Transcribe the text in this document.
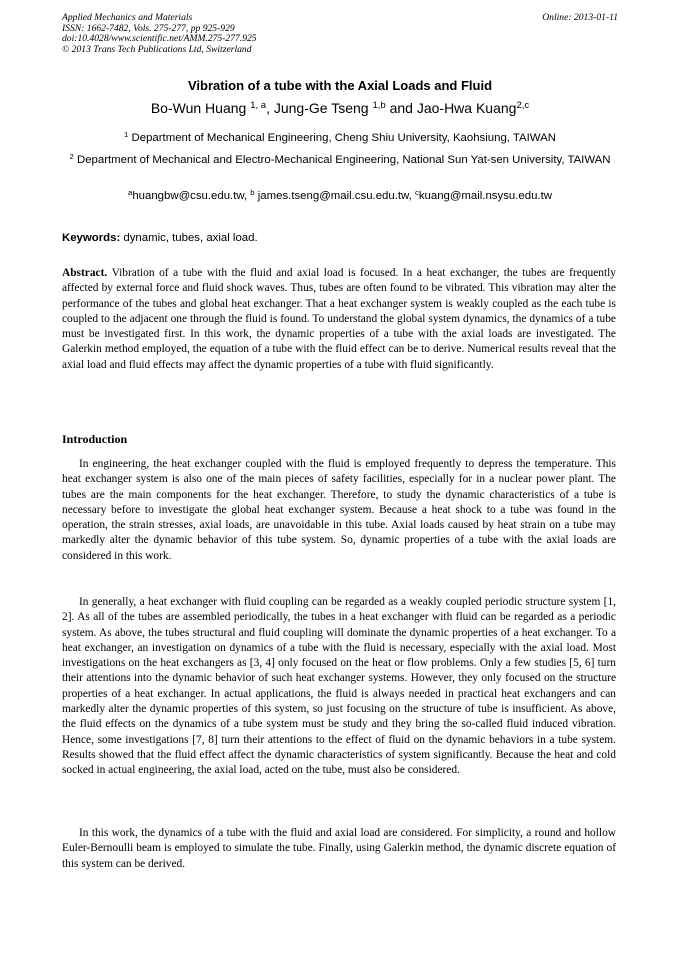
Applied Mechanics and Materials
ISSN: 1662-7482, Vols. 275-277, pp 925-929
doi:10.4028/www.scientific.net/AMM.275-277.925
© 2013 Trans Tech Publications Ltd, Switzerland
Online: 2013-01-11
Vibration of a tube with the Axial Loads and Fluid
Bo-Wun Huang $^{1, a}$, Jung-Ge Tseng $^{1,b}$ and Jao-Hwa Kuang$^{2,c}$
$^1$ Department of Mechanical Engineering, Cheng Shiu University, Kaohsiung, TAIWAN
$^2$ Department of Mechanical and Electro-Mechanical Engineering, National Sun Yat-sen University, TAIWAN
$^a$huangbw@csu.edu.tw, $^b$ james.tseng@mail.csu.edu.tw, $^c$kuang@mail.nsysu.edu.tw
Keywords: dynamic, tubes, axial load.

Abstract. Vibration of a tube with the fluid and axial load is focused. In a heat exchanger, the tubes are frequently affected by external force and fluid shock waves. Thus, tubes are often found to be vibrated. This vibration may alter the performance of the tubes and global heat exchanger. That a heat exchanger system is weakly coupled as the each tube is coupled to the adjacent one through the fluid is found. To understand the global system dynamics, the dynamics of a tube must be investigated first. In this work, the dynamic properties of a tube with the axial loads are investigated. The Galerkin method employed, the equation of a tube with the fluid effect can be to derive. Numerical results reveal that the axial load and fluid effects may affect the dynamic properties of a tube with fluid significantly.

Introduction

In engineering, the heat exchanger coupled with the fluid is employed frequently to depress the temperature. This heat exchanger system is also one of the main pieces of safety facilities, especially for in a nuclear power plant. The tubes are the main components for the heat exchanger. Therefore, to study the dynamic characteristics of a tube is necessary before to investigate the global heat exchanger system. Because a heat shock to a tube was found in the operation, the strain stresses, axial loads, are unavoidable in this tube. Axial loads caused by heat strain on a tube may markedly alter the dynamic behavior of this tube system. So, dynamic properties of a tube with the axial loads are considered in this work.

In generally, a heat exchanger with fluid coupling can be regarded as a weakly coupled periodic structure system [1, 2]. As all of the tubes are assembled periodically, the tubes in a heat exchanger with fluid can be regarded as a periodic system. As above, the tubes structural and fluid coupling will dominate the dynamic properties of a heat exchanger. To a heat exchanger, an investigation on dynamics of a tube with the fluid is necessary, especially with the axial load. Most investigations on the heat exchangers as [3, 4] only focused on the heat or flow problems. Only a few studies [5, 6] turn their attentions into the dynamic behavior of such heat exchanger systems. However, they only focused on the structure properties of a heat exchanger. In actual applications, the fluid is always needed in practical heat exchangers and can markedly alter the dynamic properties of this system, so just focusing on the structure of tube is insufficient. As above, the fluid effects on the dynamics of a tube system must be study and they bring the so-called fluid induced vibration. Hence, some investigations [7, 8] turn their attentions to the effect of fluid on the dynamic behaviors in a tube system. Results showed that the fluid effect affect the dynamic characteristics of system significantly. Because the heat and cold socked in actual engineering, the axial load, acted on the tube, must also be considered.

In this work, the dynamics of a tube with the fluid and axial load are considered. For simplicity, a round and hollow Euler-Bernoulli beam is employed to simulate the tube. Finally, using Galerkin method, the dynamic discrete equation of this system can be derived.
